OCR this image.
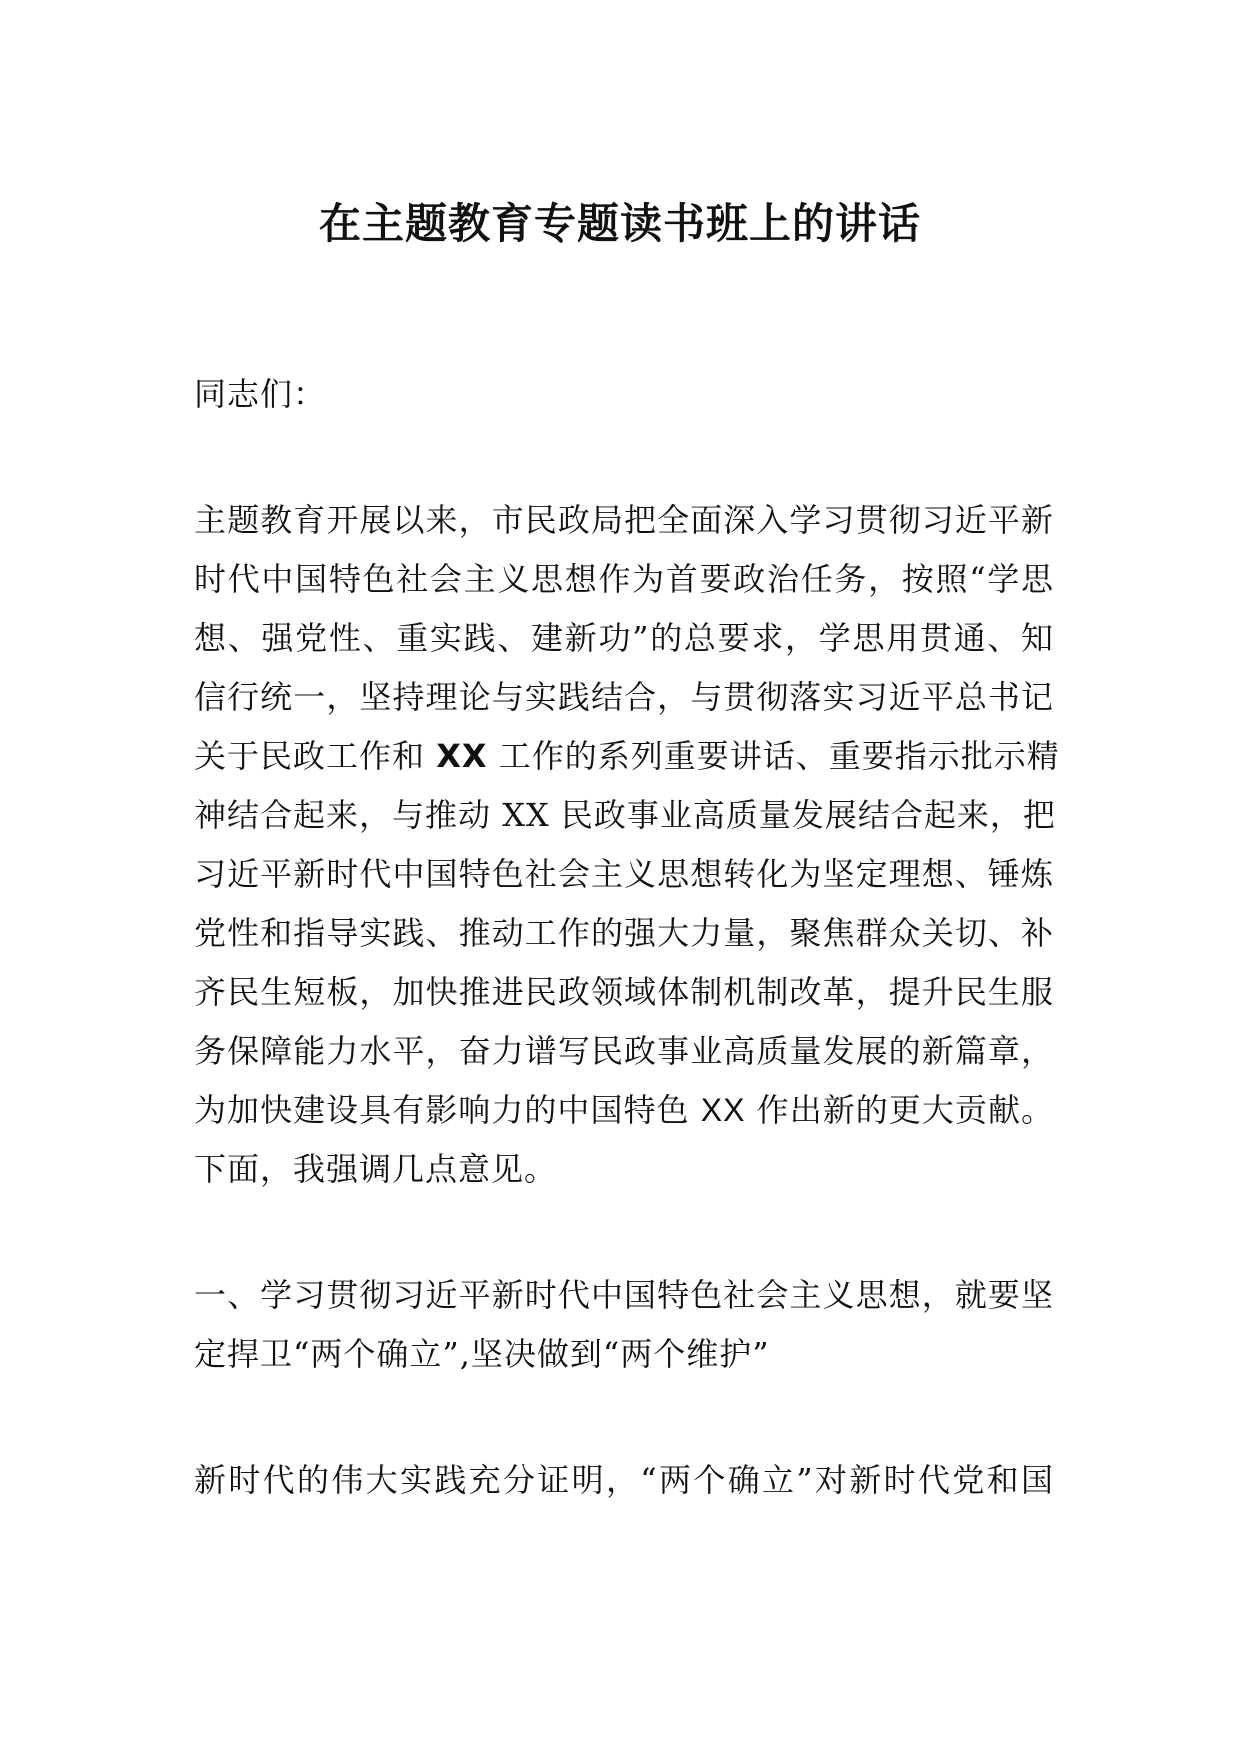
在主题教育专题读书班上的讲话

同志们：

主题教育开展以来，市民政局把全面深入学习贯彻习近平新

时代中国特色社会主义思想作为首要政治任务，按照“学思

想、强党性、重实践、建新功”的总要求，学思用贯通、知

信行统一，坚持理论与实践结合，与贯彻落实习近平总书记

关于民政工作和 XX 工作的系列重要讲话、重要指示批示精

神结合起来，与推动 XX 民政事业高质量发展结合起来，把

习近平新时代中国特色社会主义思想转化为坚定理想、锤炼

党性和指导实践、推动工作的强大力量，聚焦群众关切、补

齐民生短板，加快推进民政领域体制机制改革，提升民生服

务保障能力水平，奋力谱写民政事业高质量发展的新篇章，

为加快建设具有影响力的中国特色 XX 作出新的更大贡献。

下面，我强调几点意见。

一、学习贯彻习近平新时代中国特色社会主义思想，就要坚

定捍卫“两个确立”,坚决做到“两个维护”

新时代的伟大实践充分证明，“两个确立”对新时代党和国
